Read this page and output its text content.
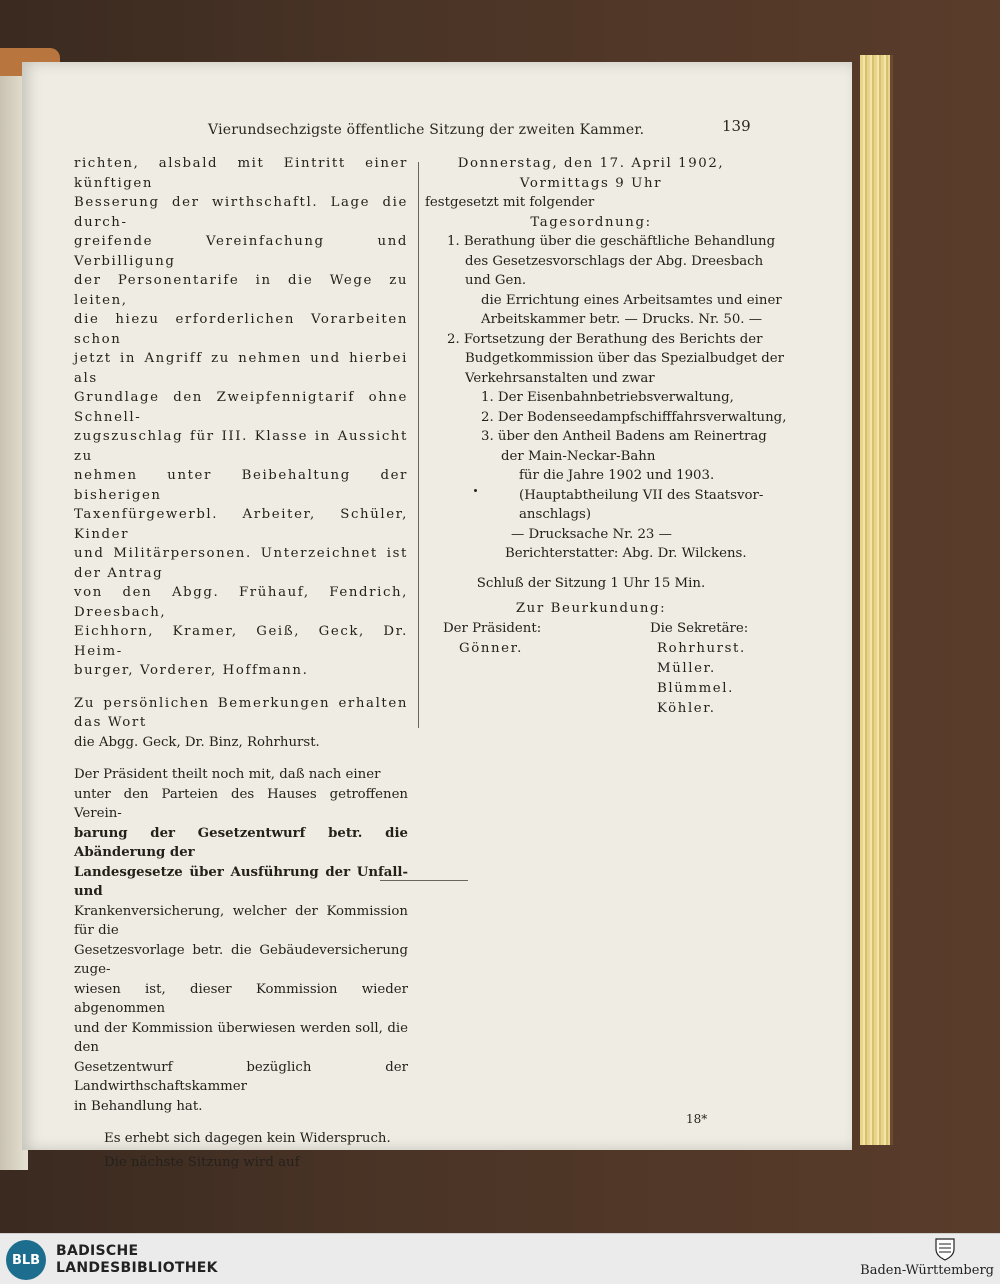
Vierundsechzigste öffentliche Sitzung der zweiten Kammer.	139

richten, alsbald mit Eintritt einer künftigen
Besserung der wirthschaftl. Lage die durch-
greifende Vereinfachung und Verbilligung
der Personentarife in die Wege zu leiten,
die hiezu erforderlichen Vorarbeiten schon
jetzt in Angriff zu nehmen und hierbei als
Grundlage den Zweipfennigtarif ohne Schnell-
zugszuschlag für III. Klasse in Aussicht zu
nehmen unter Beibehaltung der bisherigen
Taxenfürgewerbl. Arbeiter, Schüler, Kinder
und Militärpersonen. Unterzeichnet ist der Antrag
von den Abgg. Frühauf, Fendrich, Dreesbach,
Eichhorn, Kramer, Geiß, Geck, Dr. Heim-
burger, Vorderer, Hoffmann.

Zu persönlichen Bemerkungen erhalten das Wort
die Abgg. Geck, Dr. Binz, Rohrhurst.

Der Präsident theilt noch mit, daß nach einer
unter den Parteien des Hauses getroffenen Verein-
barung der Gesetzentwurf betr. die Abänderung der
Landesgesetze über Ausführung der Unfall- und
Krankenversicherung, welcher der Kommission für die
Gesetzesvorlage betr. die Gebäudeversicherung zuge-
wiesen ist, dieser Kommission wieder abgenommen
und der Kommission überwiesen werden soll, die den
Gesetzentwurf bezüglich der Landwirthschaftskammer
in Behandlung hat.

Es erhebt sich dagegen kein Widerspruch.

Die nächste Sitzung wird auf

Donnerstag, den 17. April 1902,
Vormittags 9 Uhr
festgesetzt mit folgender
Tagesordnung:
1. Berathung über die geschäftliche Behandlung
des Gesetzesvorschlags der Abg. Dreesbach
und Gen.
die Errichtung eines Arbeitsamtes und einer
Arbeitskammer betr. — Drucks. Nr. 50. —
2. Fortsetzung der Berathung des Berichts der
Budgetkommission über das Spezialbudget der
Verkehrsanstalten und zwar
1. Der Eisenbahnbetriebsverwaltung,
2. Der Bodenseedampfschifffahrsverwaltung,
3. über den Antheil Badens am Reinertrag
der Main-Neckar-Bahn
für die Jahre 1902 und 1903.
(Hauptabtheilung VII des Staatsvor-
anschlags)
— Drucksache Nr. 23 —
Berichterstatter: Abg. Dr. Wilckens.
Schluß der Sitzung 1 Uhr 15 Min.
Zur Beurkundung:
Der Präsident:
Gönner.
Die Sekretäre:
Rohrhurst.
Müller.
Blümmel.
Köhler.
18*
BLB
BADISCHE
LANDESBIBLIOTHEK	Baden-Württemberg
